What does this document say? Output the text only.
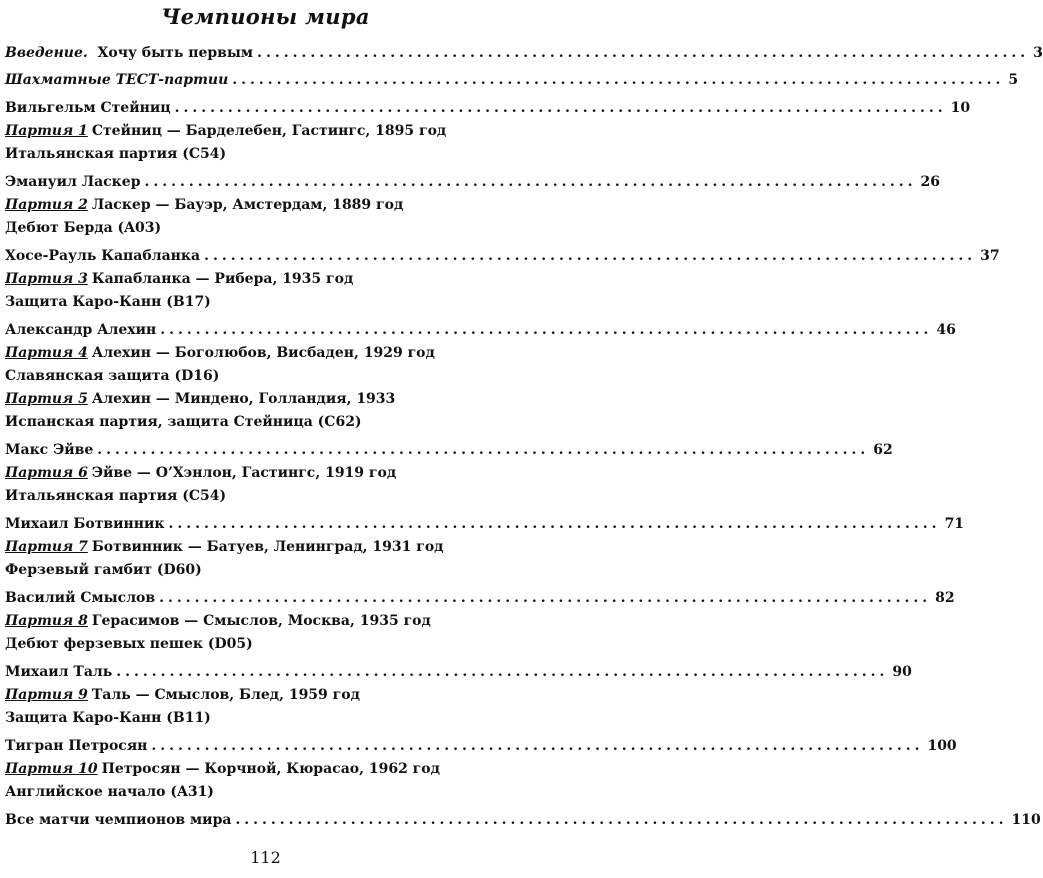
Чемпионы мира
Введение. Хочу быть первым ....................................................................................... 3
Шахматные ТЕСТ-партии ....................................................................................... 5
Вильгельм Стейниц ....................................................................................... 10
Партия 1 Стейниц — Барделебен, Гастингс, 1895 год
Итальянская партия (C54)
Эмануил Ласкер ....................................................................................... 26
Партия 2 Ласкер — Бауэр, Амстердам, 1889 год
Дебют Берда (A03)
Хосе-Рауль Капабланка ....................................................................................... 37
Партия 3 Капабланка — Рибера, 1935 год
Защита Каро-Канн (B17)
Александр Алехин ....................................................................................... 46
Партия 4 Алехин — Боголюбов, Висбаден, 1929 год
Славянская защита (D16)
Партия 5 Алехин — Минденo, Голландия, 1933
Испанская партия, защита Стейница (C62)
Макс Эйве ....................................................................................... 62
Партия 6 Эйве — О’Хэнлон, Гастингс, 1919 год
Итальянская партия (C54)
Михаил Ботвинник ....................................................................................... 71
Партия 7 Ботвинник — Батуев, Ленинград, 1931 год
Ферзевый гамбит (D60)
Василий Смыслов ....................................................................................... 82
Партия 8 Герасимов — Смыслов, Москва, 1935 год
Дебют ферзевых пешек (D05)
Михаил Таль ....................................................................................... 90
Партия 9 Таль — Смыслов, Блед, 1959 год
Защита Каро-Канн (B11)
Тигран Петросян ....................................................................................... 100
Партия 10 Петросян — Корчной, Кюрасао, 1962 год
Английское начало (A31)
Все матчи чемпионов мира ....................................................................................... 110
112
